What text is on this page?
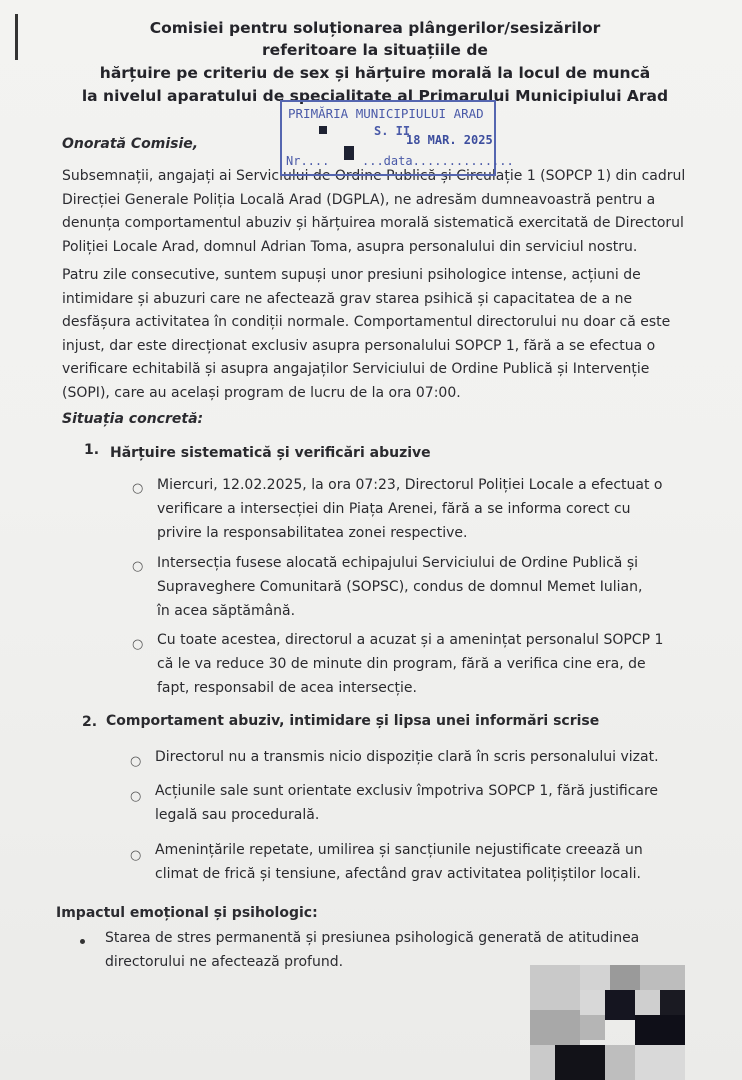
Comisiei pentru soluționarea plângerilor/sesizărilor
referitoare la situațiile de
hărțuire pe criteriu de sex și hărțuire morală la locul de muncă
la nivelul aparatului de specialitate al Primarului Municipiului Arad
Onorată Comisie,
Subsemnații, angajați ai Serviciului de Ordine Publică și Circulație 1 (SOPCP 1) din cadrul Direcției Generale Poliția Locală Arad (DGPLA), ne adresăm dumneavoastră pentru a denunța comportamentul abuziv și hărțuirea morală sistematică exercitată de Directorul Poliției Locale Arad, domnul Adrian Toma, asupra personalului din serviciul nostru.
Patru zile consecutive, suntem supuși unor presiuni psihologice intense, acțiuni de intimidare și abuzuri care ne afectează grav starea psihică și capacitatea de a ne desfășura activitatea în condiții normale. Comportamentul directorului nu doar că este injust, dar este direcționat exclusiv asupra personalului SOPCP 1, fără a se efectua o verificare echitabilă și asupra angajaților Serviciului de Ordine Publică și Intervenție (SOPI), care au același program de lucru de la ora 07:00.
Situația concretă:
1. Hărțuire sistematică și verificări abuzive
○ Miercuri, 12.02.2025, la ora 07:23, Directorul Poliției Locale a efectuat o verificare a intersecției din Piața Arenei, fără a se informa corect cu privire la responsabilitatea zonei respective.
○ Intersecția fusese alocată echipajului Serviciului de Ordine Publică și Supraveghere Comunitară (SOPSC), condus de domnul Memet Iulian, în acea săptămână.
○ Cu toate acestea, directorul a acuzat și a amenințat personalul SOPCP 1 că le va reduce 30 de minute din program, fără a verifica cine era, de fapt, responsabil de acea intersecție.
2. Comportament abuziv, intimidare și lipsa unei informări scrise
○ Directorul nu a transmis nicio dispoziție clară în scris personalului vizat.
○ Acțiunile sale sunt orientate exclusiv împotriva SOPCP 1, fără justificare legală sau procedurală.
○ Amenințările repetate, umilirea și sancțiunile nejustificate creează un climat de frică și tensiune, afectând grav activitatea polițiștilor locali.
Impactul emoțional și psihologic:
Starea de stres permanentă și presiunea psihologică generată de atitudinea directorului ne afectează profund.
PRIMĂRIA MUNICIPIULUI ARAD
S. II
18 MAR. 2025
Nr....	...data..............
